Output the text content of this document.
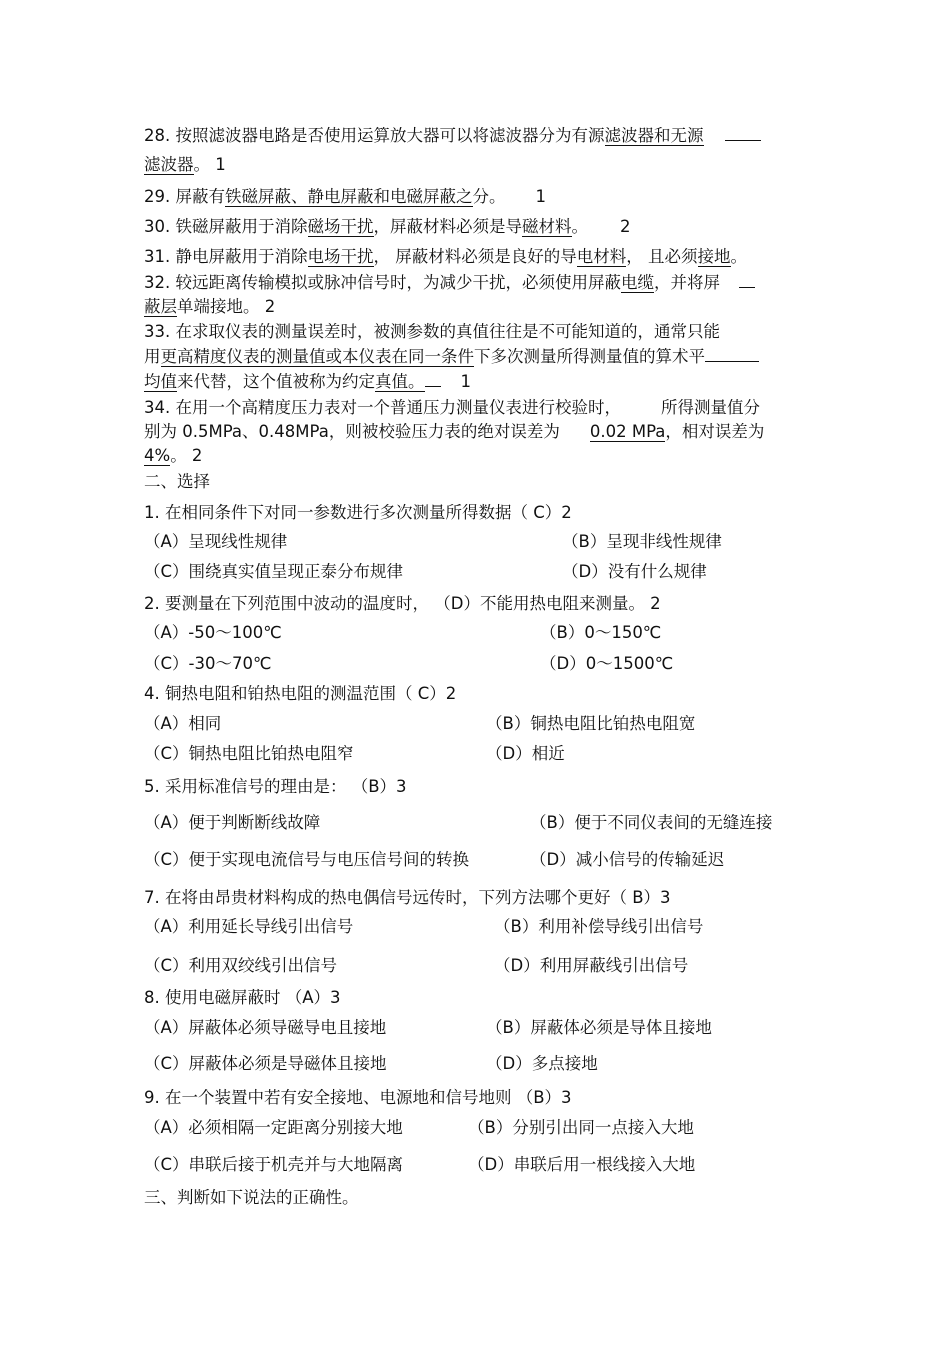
28. 按照滤波器电路是否使用运算放大器可以将滤波器分为有源滤波器和无源
滤波器。 1
29. 屏蔽有铁磁屏蔽、静电屏蔽和电磁屏蔽之分。 1
30. 铁磁屏蔽用于消除磁场干扰，屏蔽材料必须是导磁材料。 2
31. 静电屏蔽用于消除电场干扰， 屏蔽材料必须是良好的导电材料， 且必须接地。
32. 较远距离传输模拟或脉冲信号时，为减少干扰，必须使用屏蔽电缆，并将屏
蔽层单端接地。 2
33. 在求取仪表的测量误差时，被测参数的真值往往是不可能知道的，通常只能
用更高精度仪表的测量值或本仪表在同一条件下多次测量所得测量值的算术平
均值来代替，这个值被称为约定真值。 1
34. 在用一个高精度压力表对一个普通压力测量仪表进行校验时， 所得测量值分
别为 0.5MPa、0.48MPa，则被校验压力表的绝对误差为 0.02 MPa，相对误差为
4%。 2
二、选择
1. 在相同条件下对同一参数进行多次测量所得数据（ C）2
（A）呈现线性规律	（B）呈现非线性规律
（C）围绕真实值呈现正泰分布规律	（D）没有什么规律
2. 要测量在下列范围中波动的温度时， （D）不能用热电阻来测量。 2
（A）-50～100℃	（B）0～150℃
（C）-30～70℃	（D）0～1500℃
4. 铜热电阻和铂热电阻的测温范围（ C）2
（A）相同	（B）铜热电阻比铂热电阻宽
（C）铜热电阻比铂热电阻窄	（D）相近
5. 采用标准信号的理由是： （B）3
（A）便于判断断线故障	（B）便于不同仪表间的无缝连接
（C）便于实现电流信号与电压信号间的转换	（D）减小信号的传输延迟
7. 在将由昂贵材料构成的热电偶信号远传时，下列方法哪个更好（ B）3
（A）利用延长导线引出信号	（B）利用补偿导线引出信号
（C）利用双绞线引出信号	（D）利用屏蔽线引出信号
8. 使用电磁屏蔽时 （A）3
（A）屏蔽体必须导磁导电且接地	（B）屏蔽体必须是导体且接地
（C）屏蔽体必须是导磁体且接地	（D）多点接地
9. 在一个装置中若有安全接地、电源地和信号地则 （B）3
（A）必须相隔一定距离分别接大地	（B）分别引出同一点接入大地
（C）串联后接于机壳并与大地隔离	（D）串联后用一根线接入大地
三、判断如下说法的正确性。
